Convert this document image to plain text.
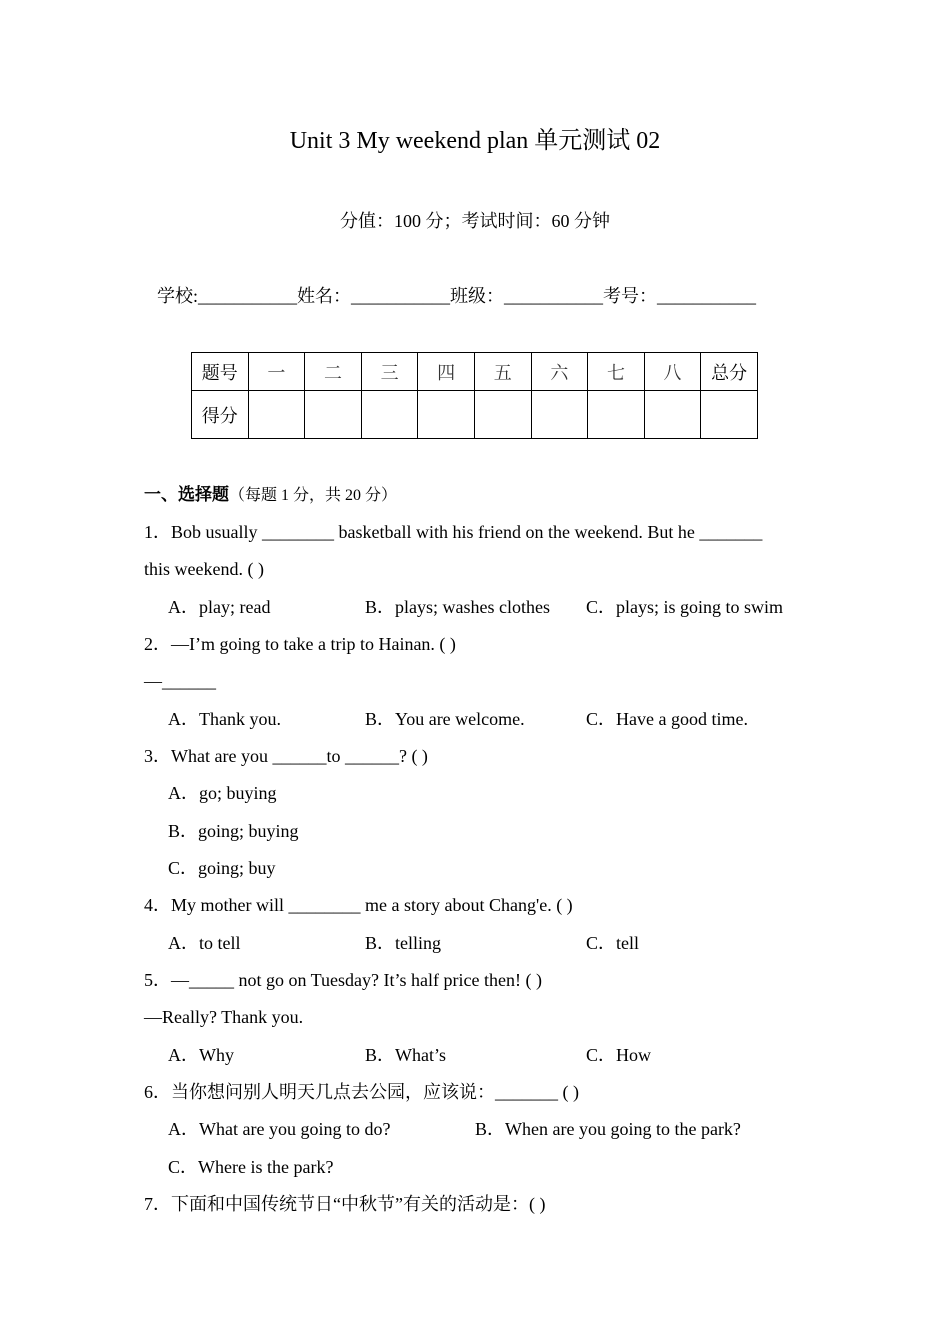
Unit 3 My weekend plan 单元测试 02
分值：100 分；考试时间：60 分钟
学校:___________姓名：___________班级：___________考号：___________
题号	一	二	三	四	五	六	七	八	总分
得分									
一、选择题（每题 1 分，共 20 分）
1．Bob usually ________ basketball with his friend on the weekend. But he _______
this weekend. ( )
A．play; read	B．plays; washes clothes C．plays; is going to swim
2．—I’m going to take a trip to Hainan. ( )
—______
A．Thank you.	B．You are welcome.	C．Have a good time.
3．What are you ______to ______? ( )
A．go; buying
B．going; buying
C．going; buy
4．My mother will ________ me a story about Chang'e. ( )
A．to tell	B．telling	C．tell
5．—_____ not go on Tuesday? It’s half price then! ( )
—Really? Thank you.
A．Why	B．What’s	C．How
6．当你想问别人明天几点去公园，应该说：_______ ( )
A．What are you going to do?	B．When are you going to the park?
C．Where is the park?
7．下面和中国传统节日“中秋节”有关的活动是：( )
